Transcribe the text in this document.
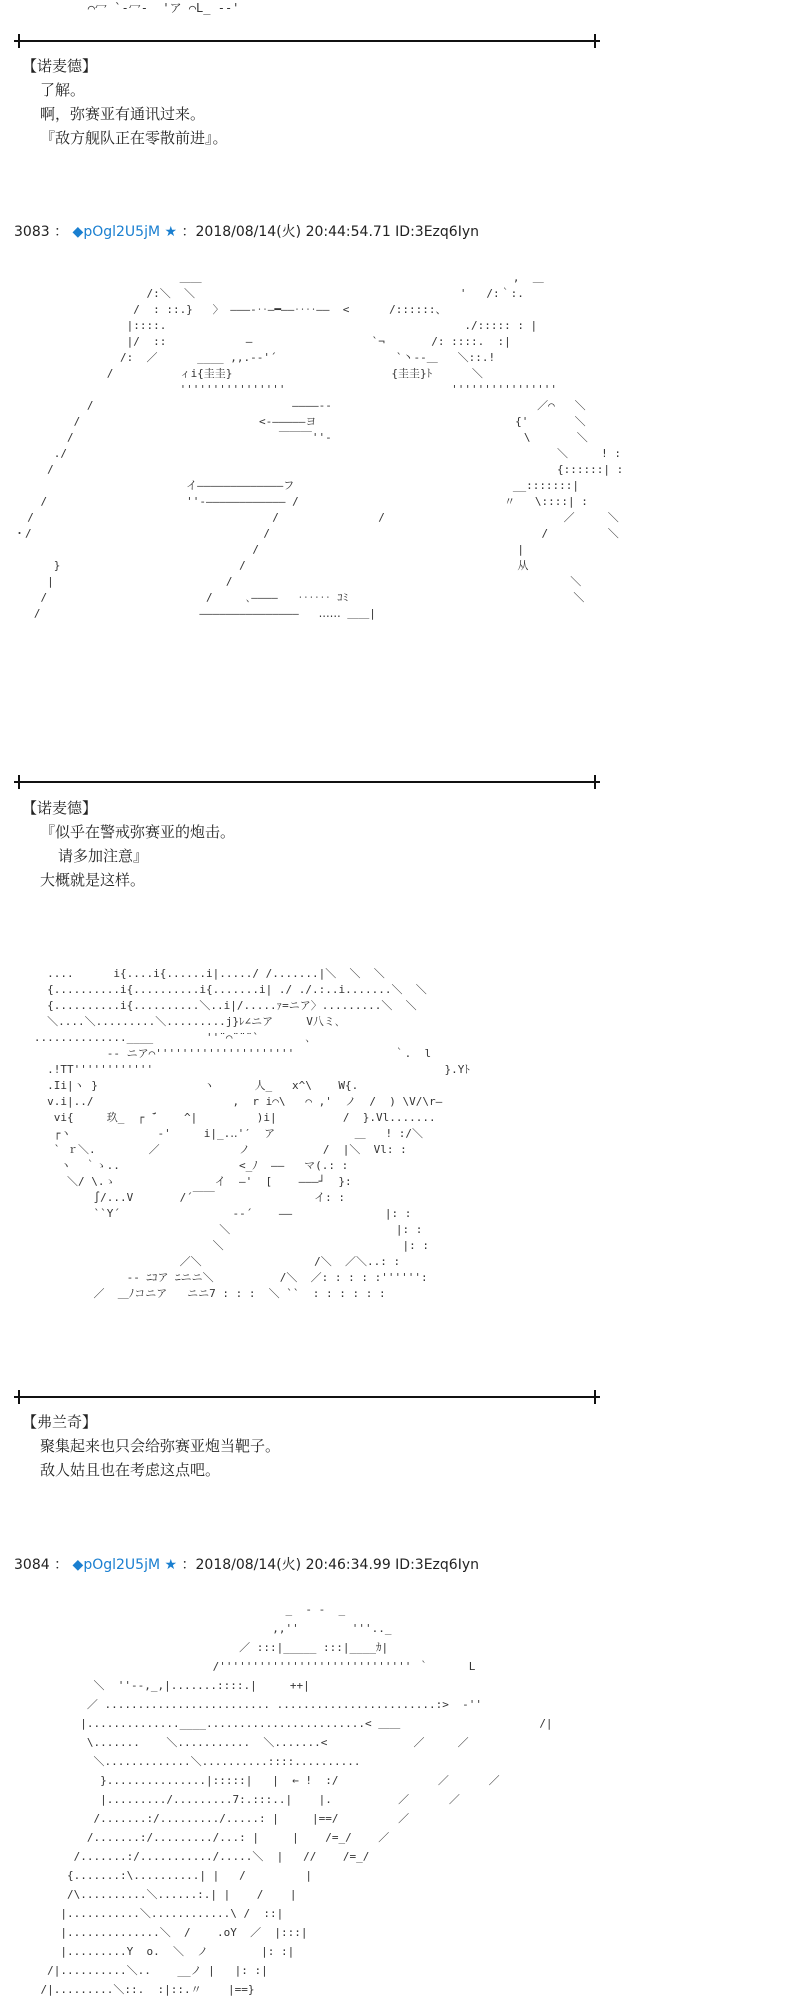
⌒冖 `-冖‐  'ア ⌒L_ ‐-'
【诺麦德】
了解。
啊，弥赛亚有通讯过来。
『敌方舰队正在零散前进』。
3083 ： ◆pOgl2U5jM ★ ：2018/08/14(火) 20:44:54.71 ID:3Ezq6Iyn
＿＿                                               ,  ＿
/:＼  ＼                                        '   /:｀:.
/  : ::.}   〉 ―――‐‥―━――‥‥――  <      /::::::、
|::::.                                             ./::::: : |
|/  ::            ―                  `¬       /: ::::.  :|
/:  ／      ____ ,,.-‐'´                  `丶‐-＿   ＼::.!
/          ィi{圭圭}                        {圭圭}ﾄ      ＼
''''''''''''''''                         ''''''''''''''''
/                              ――――‐-                               ／⌒   ＼
/                           <-―――――ヨ                              {'       ＼
/                               ￣￣￣''‐                             \       ＼
./                                                                          ＼     ! :
/                                                                            {::::::| :
イ―――――――――――――フ                                 __:::::::|
/                     ''‐―――――――――――― /                               〃   \::::| :
/                                    /               /                           ／     ＼
・/                                   /                                         /         ＼
/                                       |
}                           /                                         从
|                          /                                                   ＼
/                        /     ､――――   ‥‥‥ ｺﾐ                                  ＼
/                        ―――――――――――――――   ‥‥‥ ＿＿|
【诺麦德】
『似乎在警戒弥赛亚的炮击。
请多加注意』
大概就是这样。
....      i{....i{......i|...../ /.......|＼  ＼  ＼
{..........i{..........i{.......i| ./ ./.:..i.......＼  ＼
{..........i{..........＼..i|/.....ｧ=ニア〉.........＼  ＼
＼....＼.........＼.........j}ﾚ∠ニア     V八ミ､
..............____        ''¨⌒¨¨¨`       ､
-‐ ニア⌒'''''''''''''''''''''               ｀.  l
.!TT''''''''''''                                            }.Yﾄ
.Ii|ヽ }                ヽ      人_   x^\    W{.
v.i|../                     ,  r i⌒\   ⌒ ,'  ノ  /  ) \V/\r―
vi{     玖_  ┌ ̄´    ^|         )i|          /  }.Vl.......
┌ヽ             -'     i|_.‥'′  ア            ＿   ! :/＼
` ｒ＼.        ／            ノ           /  |＼  Vl: :
ヽ  ｀ゝ..                  <_ﾉ  ――   マ(.: :
＼/ \.ゝ               イ  ―'  [    ―――┘  }:
∫/...V       /´￣￣               イ: :
``Y´                 -‐´    ――              |: :
＼                         |: :
＼                           |: :
／＼                 /＼  ／＼..: :
-‐ ﾆｺア ﾆニニ＼          /＼  ／: : : : :'''''':
／  ＿ﾉコニア   ニニ7 : : :  ＼ ``  : : : : : :
【弗兰奇】
聚集起来也只会给弥赛亚炮当靶子。
敌人姑且也在考虑这点吧。
3084 ： ◆pOgl2U5jM ★ ：2018/08/14(火) 20:46:34.99 ID:3Ezq6Iyn
_  ‐ ‐  _
,,''        '''.._
／ :::|_____ :::|____ｶ|
/''''''''''''''''''''''''''''' ｀      L
＼  ''‐‐,_,|.......::::.|     ++|
／ ......................... ........................:>  -''
|..............____........................< ＿＿                     /|
\.......    ＼...........  ＼.......<             ／     ／
＼.............＼..........::::..........
}...............|:::::|   |  ← !  :/               ／      ／
|........./.........7:.:::..|    |.          ／      ／
/.......:/........./.....: |     |==/         ／
/.......:/........./...: |     |    /=_/    ／
/.......:/.........../.....＼  |   //    /=_/
{.......:\..........| |   /         |
/\..........＼......:.| |    /    |
|...........＼............\ /  ::|
|..............＼  /    .oY  ／  |:::|
|.........Y  o.  ＼  ノ        |: :|
/|..........＼..    __ノ |   |: :|
/|.........＼::.  :|::.〃    |==}
